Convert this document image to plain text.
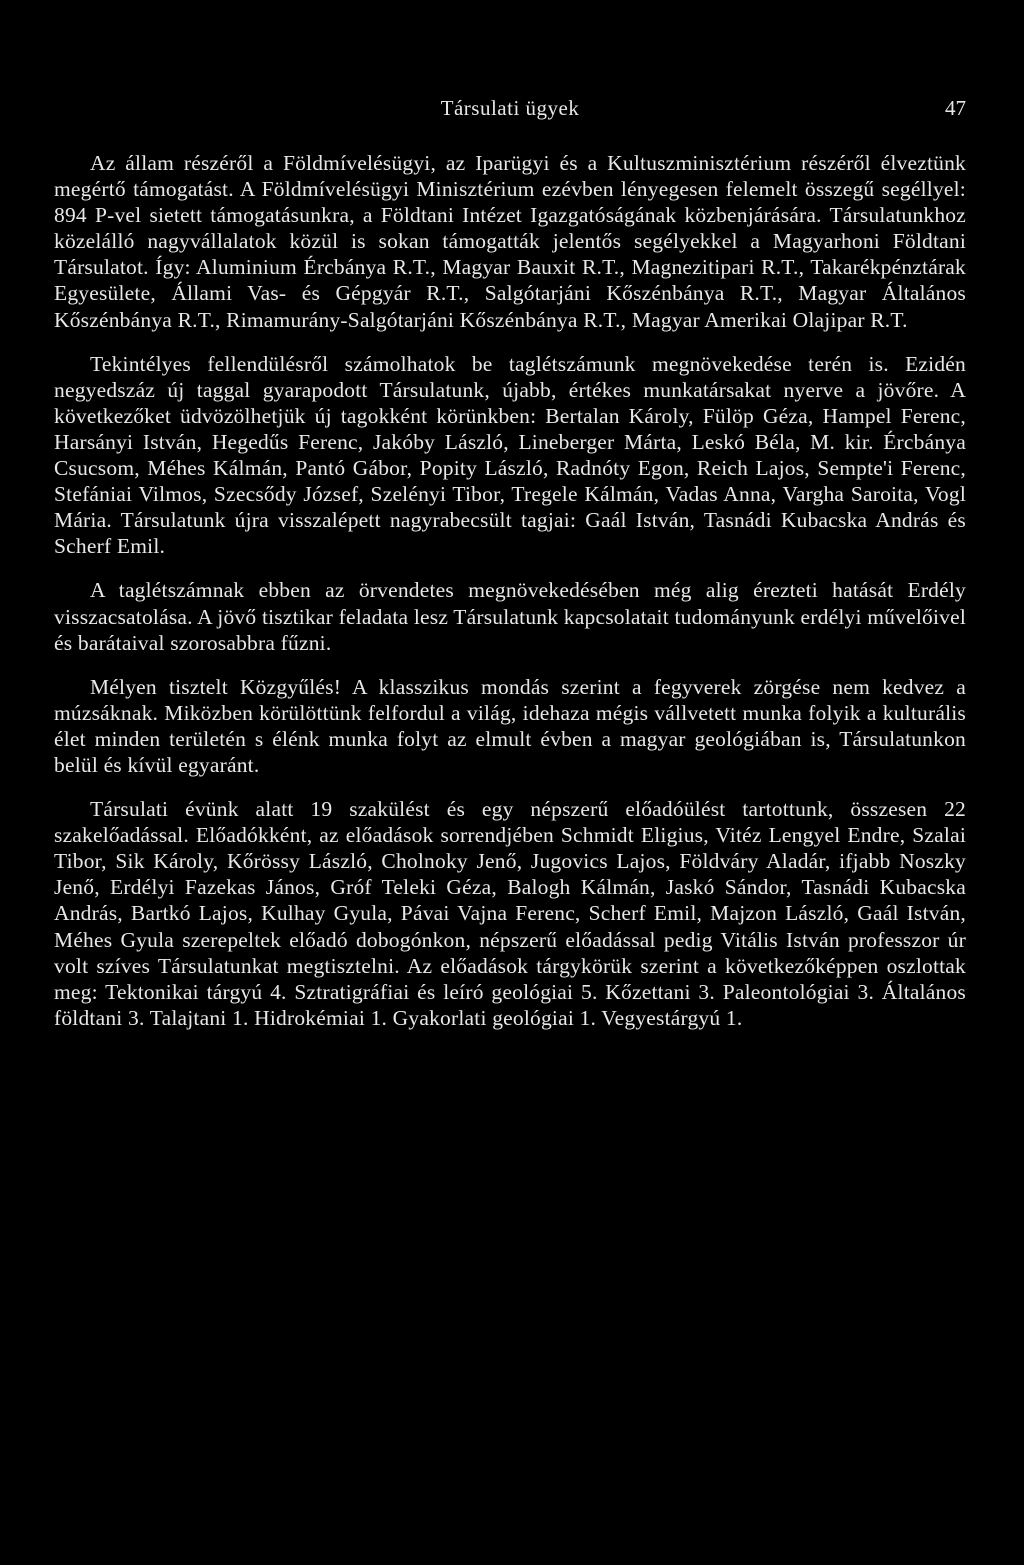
Társulati ügyek	47

Az állam részéről a Földmívelésügyi, az Iparügyi és a Kultuszminisztérium részéről élveztünk megértő támogatást. A Földmívelésügyi Minisztérium ezévben lényegesen felemelt összegű segéllyel: 894 P-vel sietett támogatásunkra, a Földtani Intézet Igazgatóságának közbenjárására. Társulatunkhoz közelálló nagyvállalatok közül is sokan támogatták jelentős segélyekkel a Magyarhoni Földtani Társulatot. Így: Aluminium Ércbánya R.T., Magyar Bauxit R.T., Magnezitipari R.T., Takarékpénztárak Egyesülete, Állami Vas- és Gépgyár R.T., Salgótarjáni Kőszénbánya R.T., Magyar Általános Kőszénbánya R.T., Rimamurány-Salgótarjáni Kőszénbánya R.T., Magyar Amerikai Olajipar R.T.

Tekintélyes fellendülésről számolhatok be taglétszámunk megnövekedése terén is. Ezidén negyedszáz új taggal gyarapodott Társulatunk, újabb, értékes munkatársakat nyerve a jövőre. A következőket üdvözölhetjük új tagokként körünkben: Bertalan Károly, Fülöp Géza, Hampel Ferenc, Harsányi István, Hegedűs Ferenc, Jakóby László, Lineberger Márta, Leskó Béla, M. kir. Ércbánya Csucsom, Méhes Kálmán, Pantó Gábor, Popity László, Radnóty Egon, Reich Lajos, Sempte'i Ferenc, Stefániai Vilmos, Szecsődy József, Szelényi Tibor, Tregele Kálmán, Vadas Anna, Vargha Saroita, Vogl Mária. Társulatunk újra visszalépett nagyrabecsült tagjai: Gaál István, Tasnádi Kubacska András és Scherf Emil.

A taglétszámnak ebben az örvendetes megnövekedésében még alig érezteti hatását Erdély visszacsatolása. A jövő tisztikar feladata lesz Társulatunk kapcsolatait tudományunk erdélyi művelőivel és barátaival szorosabbra fűzni.

Mélyen tisztelt Közgyűlés! A klasszikus mondás szerint a fegyverek zörgése nem kedvez a múzsáknak. Miközben körülöttünk felfordul a világ, idehaza mégis vállvetett munka folyik a kulturális élet minden területén s élénk munka folyt az elmult évben a magyar geológiában is, Társulatunkon belül és kívül egyaránt.

Társulati évünk alatt 19 szakülést és egy népszerű előadóülést tartottunk, összesen 22 szakelőadással. Előadókként, az előadások sorrendjében Schmidt Eligius, Vitéz Lengyel Endre, Szalai Tibor, Sik Károly, Kőrössy László, Cholnoky Jenő, Jugovics Lajos, Földváry Aladár, ifjabb Noszky Jenő, Erdélyi Fazekas János, Gróf Teleki Géza, Balogh Kálmán, Jaskó Sándor, Tasnádi Kubacska András, Bartkó Lajos, Kulhay Gyula, Pávai Vajna Ferenc, Scherf Emil, Majzon László, Gaál István, Méhes Gyula szerepeltek előadó dobogónkon, népszerű előadással pedig Vitális István professzor úr volt szíves Társulatunkat megtisztelni. Az előadások tárgykörük szerint a következőképpen oszlottak meg: Tektonikai tárgyú 4. Sztratigráfiai és leíró geológiai 5. Kőzettani 3. Paleontológiai 3. Általános földtani 3. Talajtani 1. Hidrokémiai 1. Gyakorlati geológiai 1. Vegyestárgyú 1.
